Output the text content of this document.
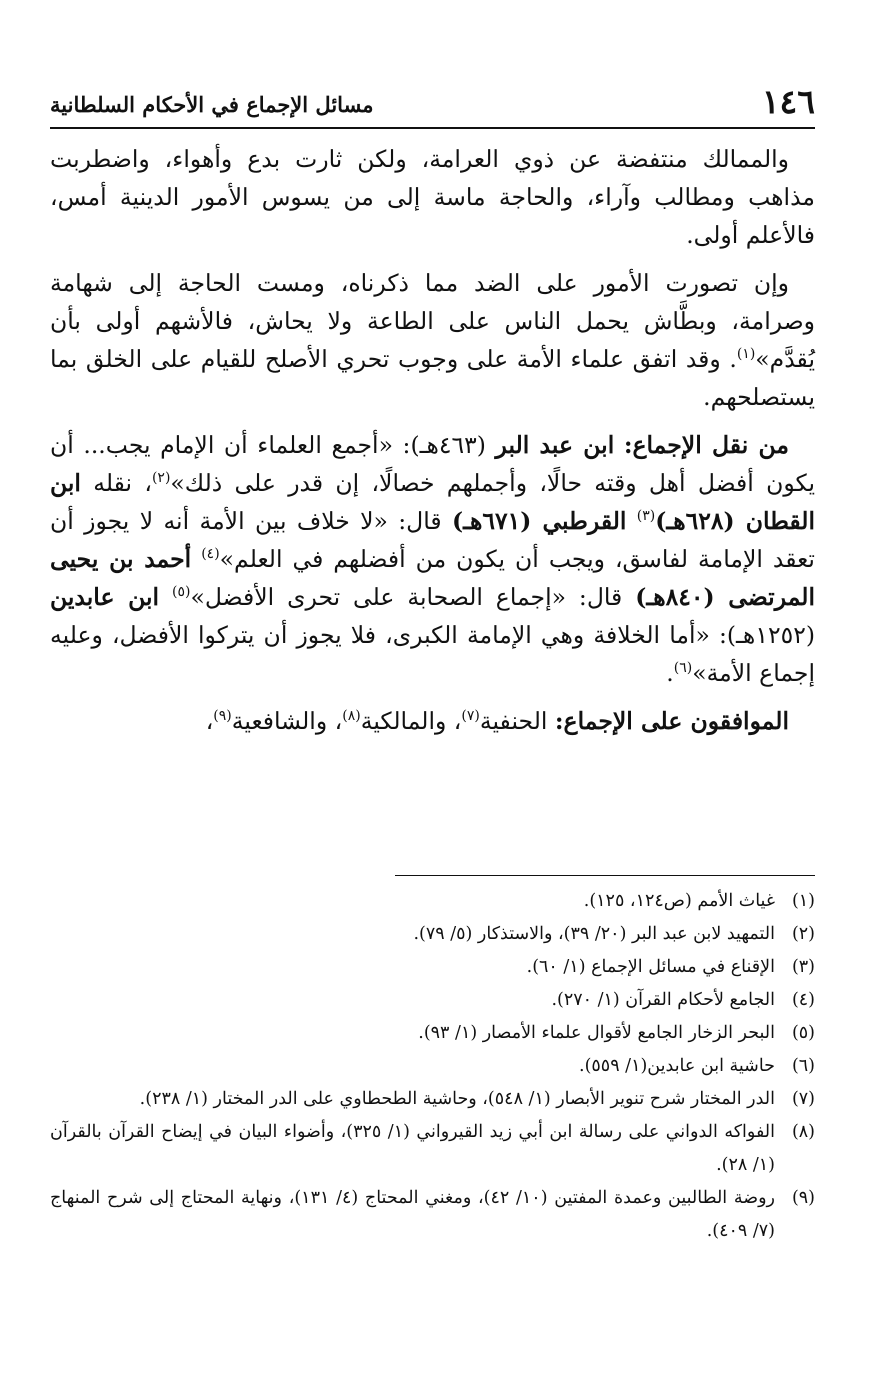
١٤٦
مسائل الإجماع في الأحكام السلطانية

والممالك منتفضة عن ذوي العرامة، ولكن ثارت بدع وأهواء، واضطربت مذاهب ومطالب وآراء، والحاجة ماسة إلى من يسوس الأمور الدينية أمس، فالأعلم أولى.

وإن تصورت الأمور على الضد مما ذكرناه، ومست الحاجة إلى شهامة وصرامة، وبطَّاش يحمل الناس على الطاعة ولا يحاش، فالأشهم أولى بأن يُقدَّم»$^{(١)}$. وقد اتفق علماء الأمة على وجوب تحري الأصلح للقيام على الخلق بما يستصلحهم.

من نقل الإجماع: ابن عبد البر (٤٦٣هـ): «أجمع العلماء أن الإمام يجب... أن يكون أفضل أهل وقته حالًا، وأجملهم خصالًا، إن قدر على ذلك»$^{(٢)}$، نقله ابن القطان (٦٢٨هـ)$^{(٣)}$ القرطبي (٦٧١هـ) قال: «لا خلاف بين الأمة أنه لا يجوز أن تعقد الإمامة لفاسق، ويجب أن يكون من أفضلهم في العلم»$^{(٤)}$ أحمد بن يحيى المرتضى (٨٤٠هـ) قال: «إجماع الصحابة على تحرى الأفضل»$^{(٥)}$ ابن عابدين (١٢٥٢هـ): «أما الخلافة وهي الإمامة الكبرى، فلا يجوز أن يتركوا الأفضل، وعليه إجماع الأمة»$^{(٦)}$.

الموافقون على الإجماع: الحنفية$^{(٧)}$، والمالكية$^{(٨)}$، والشافعية$^{(٩)}$،

(١)
غياث الأمم (ص١٢٤، ١٢٥).
(٢)
التمهيد لابن عبد البر (٢٠/ ٣٩)، والاستذكار (٥/ ٧٩).
(٣)
الإقناع في مسائل الإجماع (١/ ٦٠).
(٤)
الجامع لأحكام القرآن (١/ ٢٧٠).
(٥)
البحر الزخار الجامع لأقوال علماء الأمصار (١/ ٩٣).
(٦)
حاشية ابن عابدين(١/ ٥٥٩).
(٧)
الدر المختار شرح تنوير الأبصار (١/ ٥٤٨)، وحاشية الطحطاوي على الدر المختار (١/ ٢٣٨).
(٨)
الفواكه الدواني على رسالة ابن أبي زيد القيرواني (١/ ٣٢٥)، وأضواء البيان في إيضاح القرآن بالقرآن (١/ ٢٨).
(٩)
روضة الطالبين وعمدة المفتين (١٠/ ٤٢)، ومغني المحتاج (٤/ ١٣١)، ونهاية المحتاج إلى شرح المنهاج (٧/ ٤٠٩).
